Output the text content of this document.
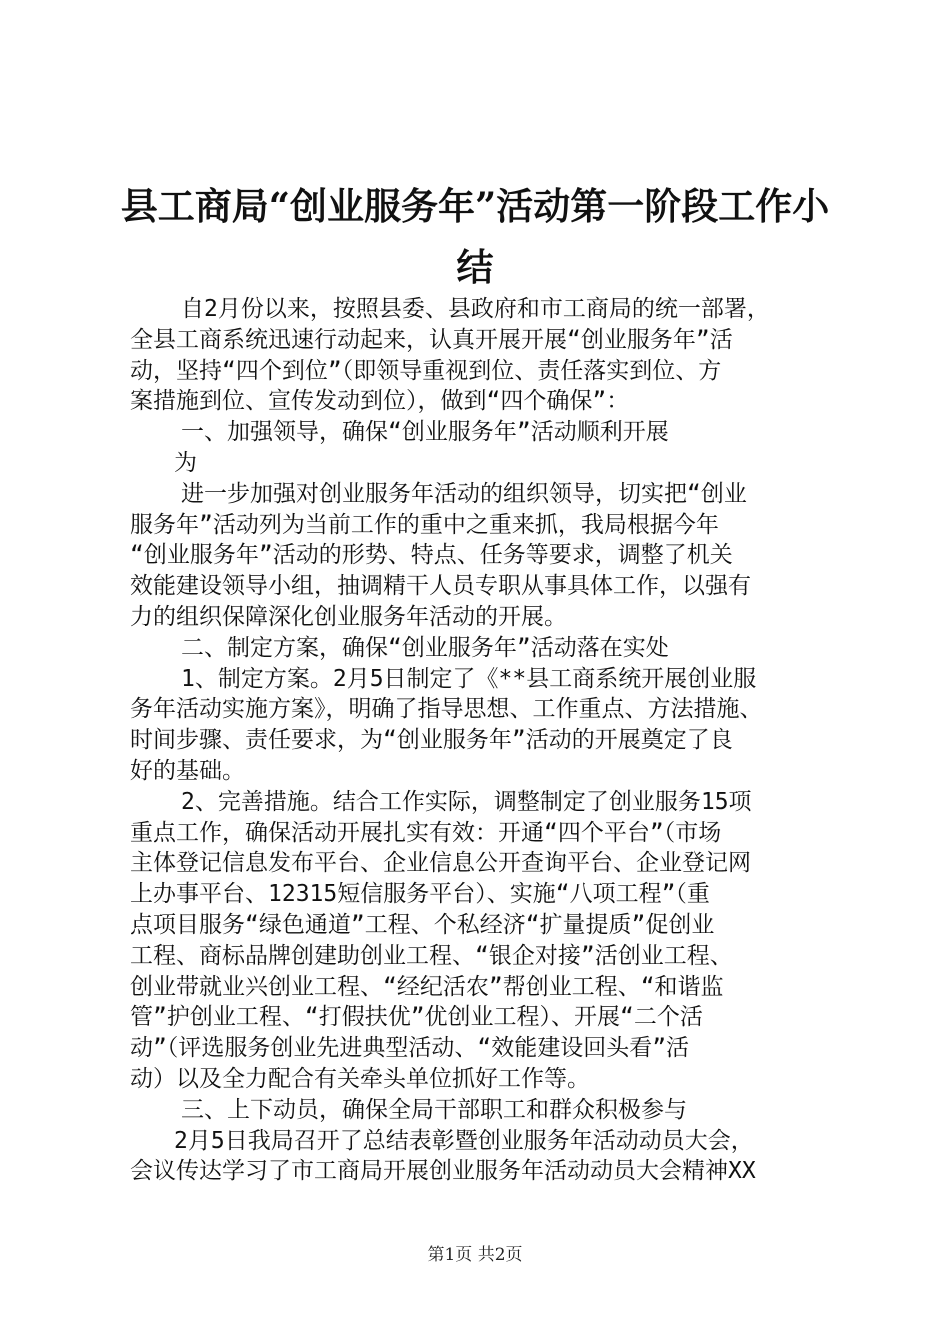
县工商局“创业服务年”活动第一阶段工作小
结
自2月份以来，按照县委、县政府和市工商局的统一部署，
全县工商系统迅速行动起来，认真开展开展“创业服务年”活
动，坚持“四个到位”（即领导重视到位、责任落实到位、方
案措施到位、宣传发动到位），做到“四个确保”：
一、加强领导，确保“创业服务年”活动顺利开展
为
进一步加强对创业服务年活动的组织领导，切实把“创业
服务年”活动列为当前工作的重中之重来抓，我局根据今年
“创业服务年”活动的形势、特点、任务等要求，调整了机关
效能建设领导小组，抽调精干人员专职从事具体工作，以强有
力的组织保障深化创业服务年活动的开展。
二、制定方案，确保“创业服务年”活动落在实处
1、制定方案。2月5日制定了《**县工商系统开展创业服
务年活动实施方案》，明确了指导思想、工作重点、方法措施、
时间步骤、责任要求，为“创业服务年”活动的开展奠定了良
好的基础。
2、完善措施。结合工作实际，调整制定了创业服务15项
重点工作，确保活动开展扎实有效：开通“四个平台”（市场
主体登记信息发布平台、企业信息公开查询平台、企业登记网
上办事平台、12315短信服务平台）、实施“八项工程”（重
点项目服务“绿色通道”工程、个私经济“扩量提质”促创业
工程、商标品牌创建助创业工程、“银企对接”活创业工程、
创业带就业兴创业工程、“经纪活农”帮创业工程、“和谐监
管”护创业工程、“打假扶优”优创业工程）、开展“二个活
动”（评选服务创业先进典型活动、“效能建设回头看”活
动）以及全力配合有关牵头单位抓好工作等。
三、上下动员，确保全局干部职工和群众积极参与
2月5日我局召开了总结表彰暨创业服务年活动动员大会，
会议传达学习了市工商局开展创业服务年活动动员大会精神XX
第1页 共2页
